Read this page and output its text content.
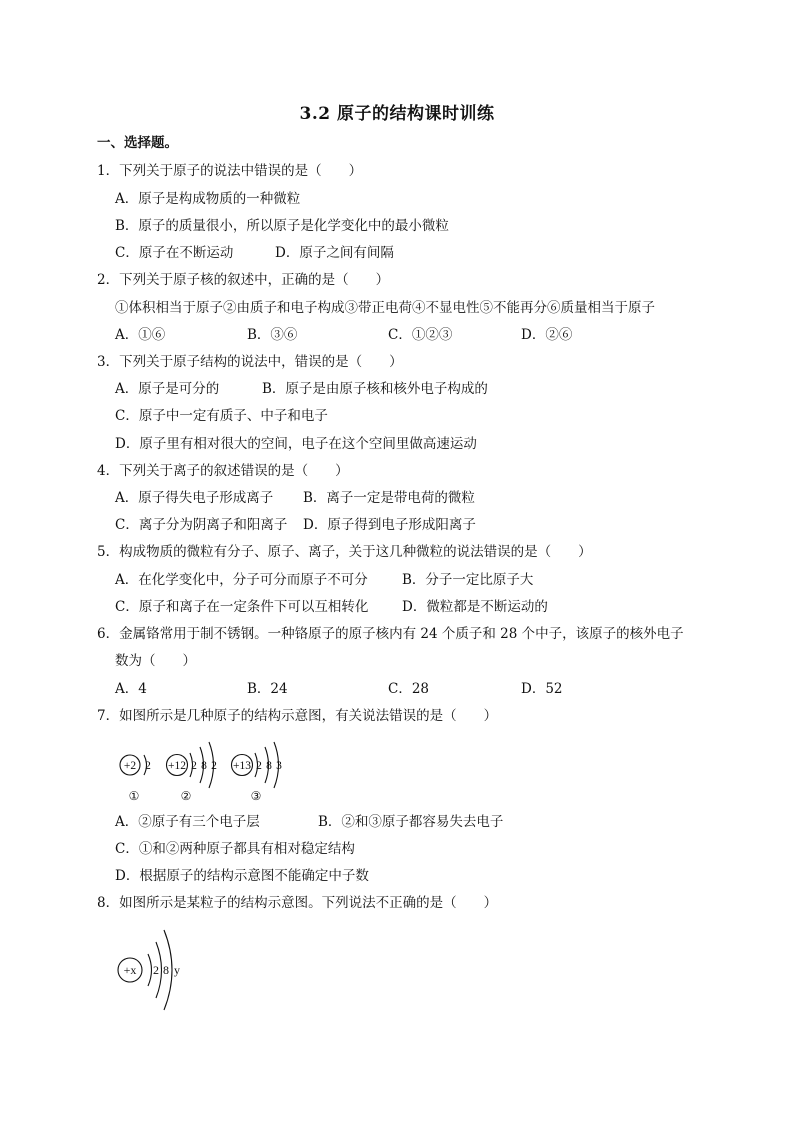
3.2 原子的结构课时训练
一、选择题。
1．下列关于原子的说法中错误的是（　　）
A．原子是构成物质的一种微粒
B．原子的质量很小，所以原子是化学变化中的最小微粒
C．原子在不断运动	D．原子之间有间隔
2．下列关于原子核的叙述中，正确的是（　　）
①体积相当于原子②由质子和电子构成③带正电荷④不显电性⑤不能再分⑥质量相当于原子
A．①⑥	B．③⑥	C．①②③	D．②⑥
3．下列关于原子结构的说法中，错误的是（　　）
A．原子是可分的	B．原子是由原子核和核外电子构成的
C．原子中一定有质子、中子和电子
D．原子里有相对很大的空间，电子在这个空间里做高速运动
4．下列关于离子的叙述错误的是（　　）
A．原子得失电子形成离子 B．离子一定是带电荷的微粒
C．离子分为阴离子和阳离子 D．原子得到电子形成阳离子
5．构成物质的微粒有分子、原子、离子，关于这几种微粒的说法错误的是（　　）
A．在化学变化中，分子可分而原子不可分	B．分子一定比原子大
C．原子和离子在一定条件下可以互相转化 D．微粒都是不断运动的
6．金属铬常用于制不锈钢。一种铬原子的原子核内有 24 个质子和 28 个中子，该原子的核外电子
数为（　　）
A．4	B．24	C．28	D．52
7．如图所示是几种原子的结构示意图，有关说法错误的是（　　）
+2 2 +12 2 8 2 +13 2 8 3
①	②	③
A．②原子有三个电子层	B．②和③原子都容易失去电子
C．①和②两种原子都具有相对稳定结构
D．根据原子的结构示意图不能确定中子数
8．如图所示是某粒子的结构示意图。下列说法不正确的是（　　）
+x 2 8 y
